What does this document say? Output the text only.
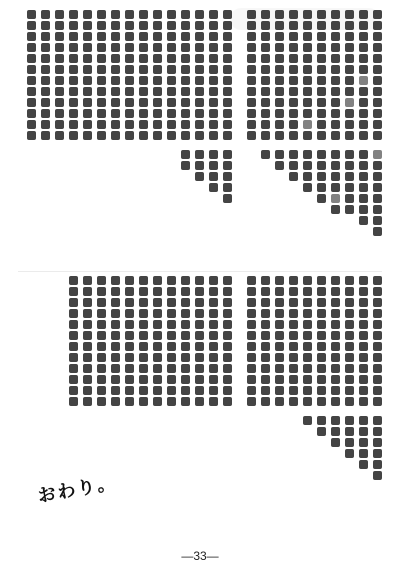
おわり。
—33—
